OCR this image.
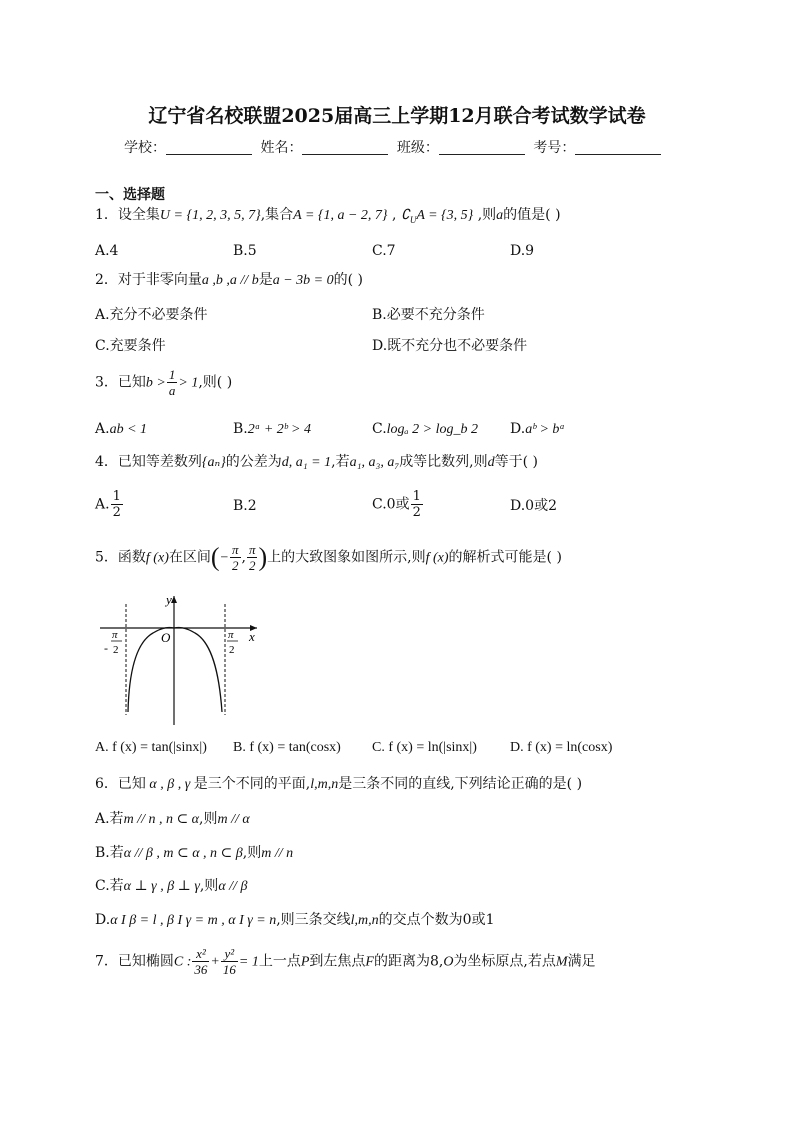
辽宁省名校联盟2025届高三上学期12月联合考试数学试卷
学校：	姓名：	班级：	考号：
一、选择题
1．设全集U = {1, 2, 3, 5, 7},集合A = {1, a − 2, 7} , $∁_UA = \{3$, 5} ,则a的值是( )
A.4	B.5	C.7	D.9
2．对于非零向量a ,b ,a // b是a − 3b = 0的( )
A.充分不必要条件	B.必要不充分条件
C.充要条件	D.既不充分也不必要条件
3．已知$b > \frac{1}{a} > 1$,则( )
A.ab < 1	B.2ᵃ + 2ᵇ > 4	C.logₐ 2 > log_b 2 D.aᵇ > bᵃ
4．已知等差数列{aₙ}的公差为d, a₁ = 1,若a₁, a₃, a₇成等比数列,则d等于( )
A. $\frac{1}{2}$	B.2	C.0或 $\frac{1}{2}$	D.0或2
5．函数f (x)在区间(− $\frac{\pi}{2}$ , $\frac{\pi}{2}$ )上的大致图象如图所示,则f (x)的解析式可能是( )
y
x
O
-
π
2
π
2
A. f (x) = tan(|sinx|) B. f (x) = tan(cosx) C. f (x) = ln(|sinx|) D. f (x) = ln(cosx)
6．已知 α , β , γ 是三个不同的平面,l,m,n是三条不同的直线,下列结论正确的是( )
A.若m // n , n ⊂ α,则m // α
B.若α // β , m ⊂ α , n ⊂ β,则m // n
C.若α ⊥ γ , β ⊥ γ,则α // β
D.α I β = l , β I γ = m , α I γ = n,则三条交线l,m,n的交点个数为0或1
7．已知椭圆C : $\frac{\text{x²}}{36} + \frac{\text{y²}}{16} = 1$上一点P到左焦点F的距离为8,O为坐标原点,若点M满足
